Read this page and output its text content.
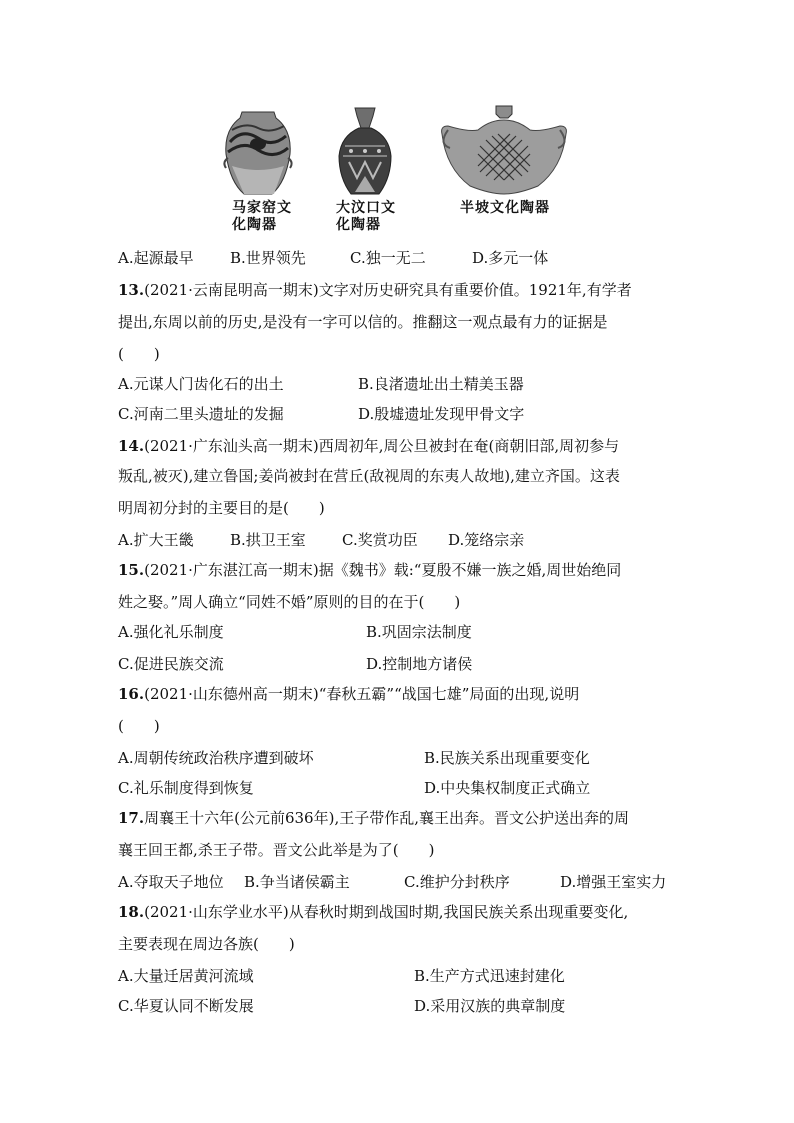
马家窑文
化陶器
大汶口文
化陶器
半坡文化陶器
A.起源最早 B.世界领先	C.独一无二	D.多元一体
13.(2021·云南昆明高一期末)文字对历史研究具有重要价值。1921年,有学者
提出,东周以前的历史,是没有一字可以信的。推翻这一观点最有力的证据是
(　　)
A.元谋人门齿化石的出土	B.良渚遗址出土精美玉器
C.河南二里头遗址的发掘	D.殷墟遗址发现甲骨文字
14.(2021·广东汕头高一期末)西周初年,周公旦被封在奄(商朝旧部,周初参与
叛乱,被灭),建立鲁国;姜尚被封在营丘(敌视周的东夷人故地),建立齐国。这表
明周初分封的主要目的是(　　)
A.扩大王畿 B.拱卫王室 C.奖赏功臣 D.笼络宗亲
15.(2021·广东湛江高一期末)据《魏书》载:“夏殷不嫌一族之婚,周世始绝同
姓之娶。”周人确立“同姓不婚”原则的目的在于(　　)
A.强化礼乐制度	B.巩固宗法制度
C.促进民族交流	D.控制地方诸侯
16.(2021·山东德州高一期末)“春秋五霸”“战国七雄”局面的出现,说明
(　　)
A.周朝传统政治秩序遭到破坏	B.民族关系出现重要变化
C.礼乐制度得到恢复	D.中央集权制度正式确立
17.周襄王十六年(公元前636年),王子带作乱,襄王出奔。晋文公护送出奔的周
襄王回王都,杀王子带。晋文公此举是为了(　　)
A.夺取天子地位 B.争当诸侯霸主	C.维护分封秩序	D.增强王室实力
18.(2021·山东学业水平)从春秋时期到战国时期,我国民族关系出现重要变化,
主要表现在周边各族(　　)
A.大量迁居黄河流域	B.生产方式迅速封建化
C.华夏认同不断发展	D.采用汉族的典章制度
